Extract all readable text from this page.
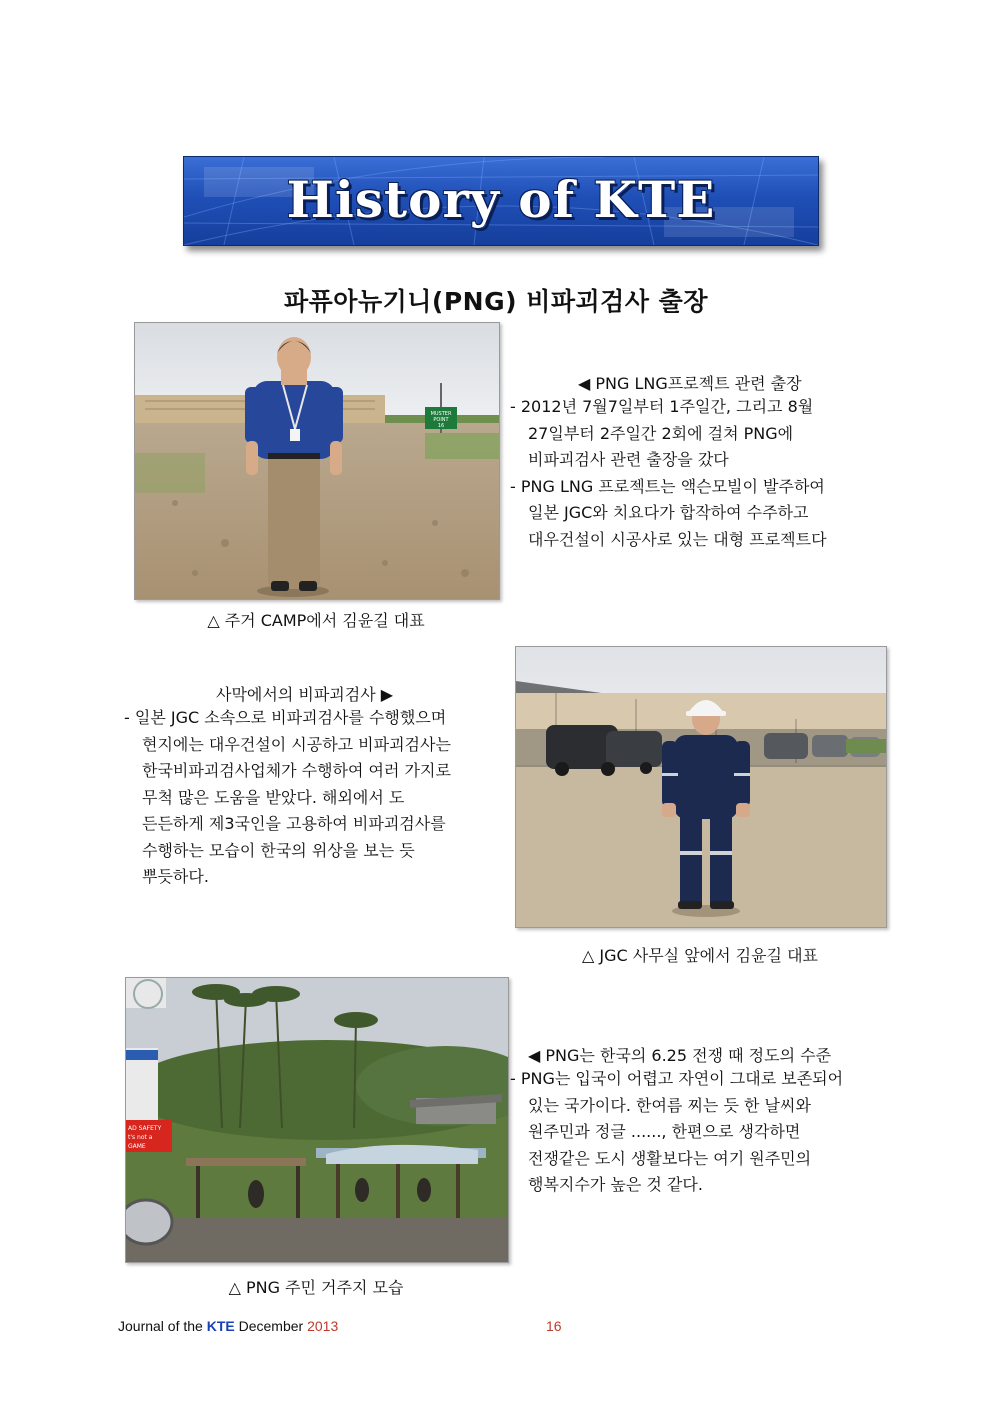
History of KTE
파퓨아뉴기니(PNG) 비파괴검사 출장
MUSTER
POINT
16
△ 주거 CAMP에서 김윤길 대표
◀ PNG LNG프로젝트 관련 출장
- 2012년 7월7일부터 1주일간, 그리고 8월
27일부터 2주일간 2회에 걸쳐 PNG에
비파괴검사 관련 출장을 갔다
- PNG LNG 프로젝트는 액슨모빌이 발주하여
일본 JGC와 치요다가 합작하여 수주하고
대우건설이 시공사로 있는 대형 프로젝트다
사막에서의 비파괴검사 ▶
- 일본 JGC 소속으로 비파괴검사를 수행했으며
현지에는 대우건설이 시공하고 비파괴검사는
한국비파괴검사업체가 수행하여 여러 가지로
무척 많은 도움을 받았다. 해외에서 도
든든하게 제3국인을 고용하여 비파괴검사를
수행하는 모습이 한국의 위상을 보는 듯
뿌듯하다.
△ JGC 사무실 앞에서 김윤길 대표
AD SAFETY
t's not a
GAME
△ PNG 주민 거주지 모습
◀ PNG는 한국의 6.25 전쟁 때 정도의 수준
- PNG는 입국이 어렵고 자연이 그대로 보존되어
있는 국가이다. 한여름 찌는 듯 한 날씨와
원주민과 정글 ......, 한편으로 생각하면
전쟁같은 도시 생활보다는 여기 원주민의
행복지수가 높은 것 같다.
Journal of the KTE December 2013	16
